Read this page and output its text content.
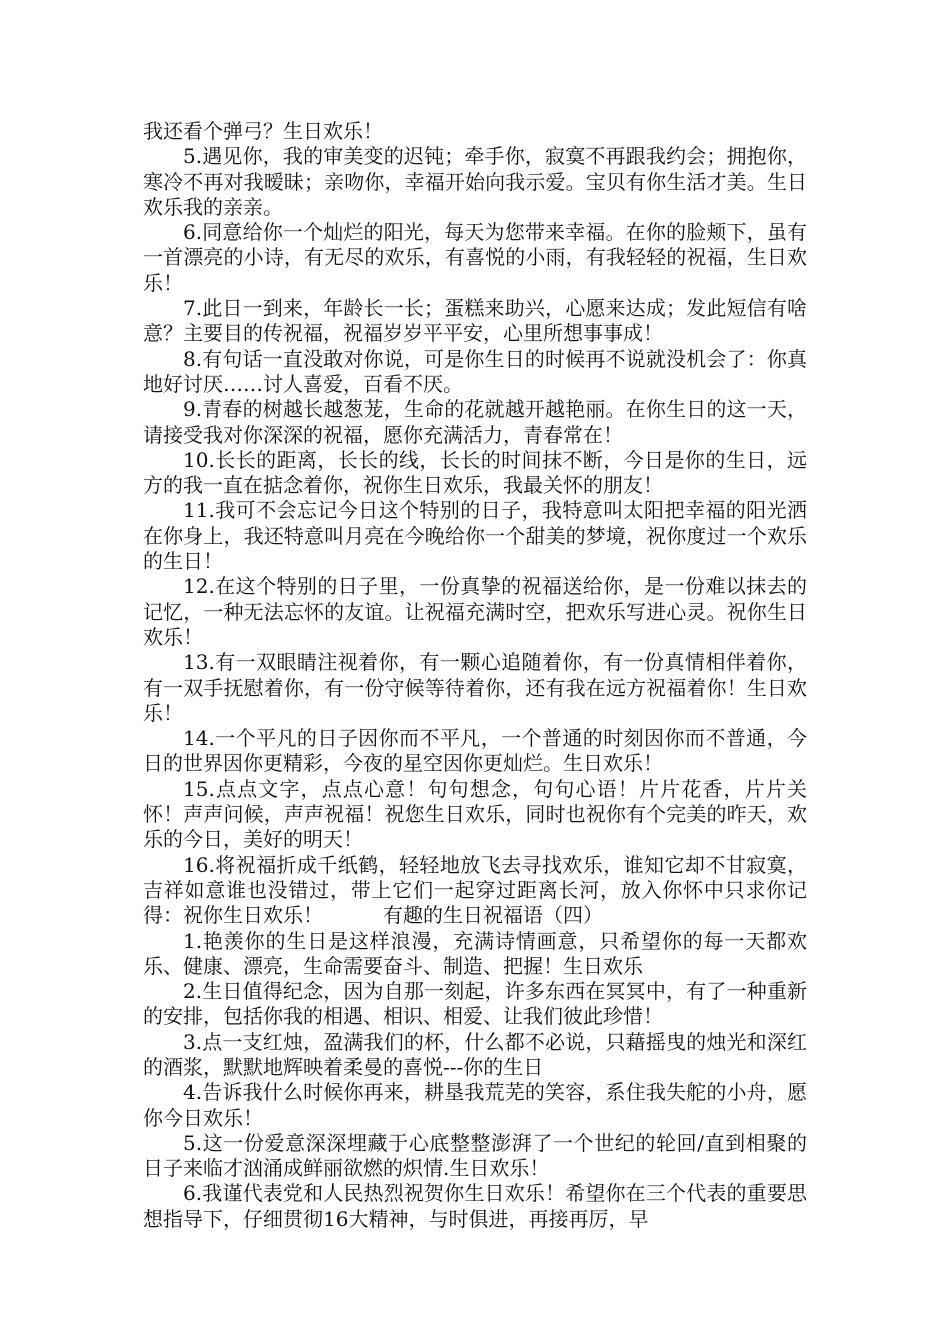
我还看个弹弓？生日欢乐！

5.遇见你，我的审美变的迟钝；牵手你，寂寞不再跟我约会；拥抱你，寒冷不再对我暧昧；亲吻你，幸福开始向我示爱。宝贝有你生活才美。生日欢乐我的亲亲。

6.同意给你一个灿烂的阳光，每天为您带来幸福。在你的脸颊下，虽有一首漂亮的小诗，有无尽的欢乐，有喜悦的小雨，有我轻轻的祝福，生日欢乐！

7.此日一到来，年龄长一长；蛋糕来助兴，心愿来达成；发此短信有啥意？主要目的传祝福，祝福岁岁平平安，心里所想事事成！

8.有句话一直没敢对你说，可是你生日的时候再不说就没机会了：你真地好讨厌……讨人喜爱，百看不厌。

9.青春的树越长越葱茏，生命的花就越开越艳丽。在你生日的这一天，请接受我对你深深的祝福，愿你充满活力，青春常在！

10.长长的距离，长长的线，长长的时间抹不断，今日是你的生日，远方的我一直在掂念着你，祝你生日欢乐，我最关怀的朋友！

11.我可不会忘记今日这个特别的日子，我特意叫太阳把幸福的阳光洒在你身上，我还特意叫月亮在今晚给你一个甜美的梦境，祝你度过一个欢乐的生日！

12.在这个特别的日子里，一份真挚的祝福送给你，是一份难以抹去的记忆，一种无法忘怀的友谊。让祝福充满时空，把欢乐写进心灵。祝你生日欢乐！

13.有一双眼睛注视着你，有一颗心追随着你，有一份真情相伴着你，有一双手抚慰着你，有一份守候等待着你，还有我在远方祝福着你！生日欢乐！

14.一个平凡的日子因你而不平凡，一个普通的时刻因你而不普通，今日的世界因你更精彩，今夜的星空因你更灿烂。生日欢乐！

15.点点文字，点点心意！句句想念，句句心语！片片花香，片片关怀！声声问候，声声祝福！祝您生日欢乐，同时也祝你有个完美的昨天，欢乐的今日，美好的明天！

16.将祝福折成千纸鹤，轻轻地放飞去寻找欢乐，谁知它却不甘寂寞，吉祥如意谁也没错过，带上它们一起穿过距离长河，放入你怀中只求你记得：祝你生日欢乐！　　　有趣的生日祝福语（四）

1.艳羡你的生日是这样浪漫，充满诗情画意，只希望你的每一天都欢乐、健康、漂亮，生命需要奋斗、制造、把握！生日欢乐

2.生日值得纪念，因为自那一刻起，许多东西在冥冥中，有了一种重新的安排，包括你我的相遇、相识、相爱、让我们彼此珍惜！

3.点一支红烛，盈满我们的杯，什么都不必说，只藉摇曳的烛光和深红的酒浆，默默地辉映着柔曼的喜悦---你的生日

4.告诉我什么时候你再来，耕垦我荒芜的笑容，系住我失舵的小舟，愿你今日欢乐！

5.这一份爱意深深埋藏于心底整整澎湃了一个世纪的轮回/直到相聚的日子来临才汹涌成鲜丽欲燃的炽情.生日欢乐！

6.我谨代表党和人民热烈祝贺你生日欢乐！希望你在三个代表的重要思想指导下，仔细贯彻16大精神，与时俱进，再接再厉，早
